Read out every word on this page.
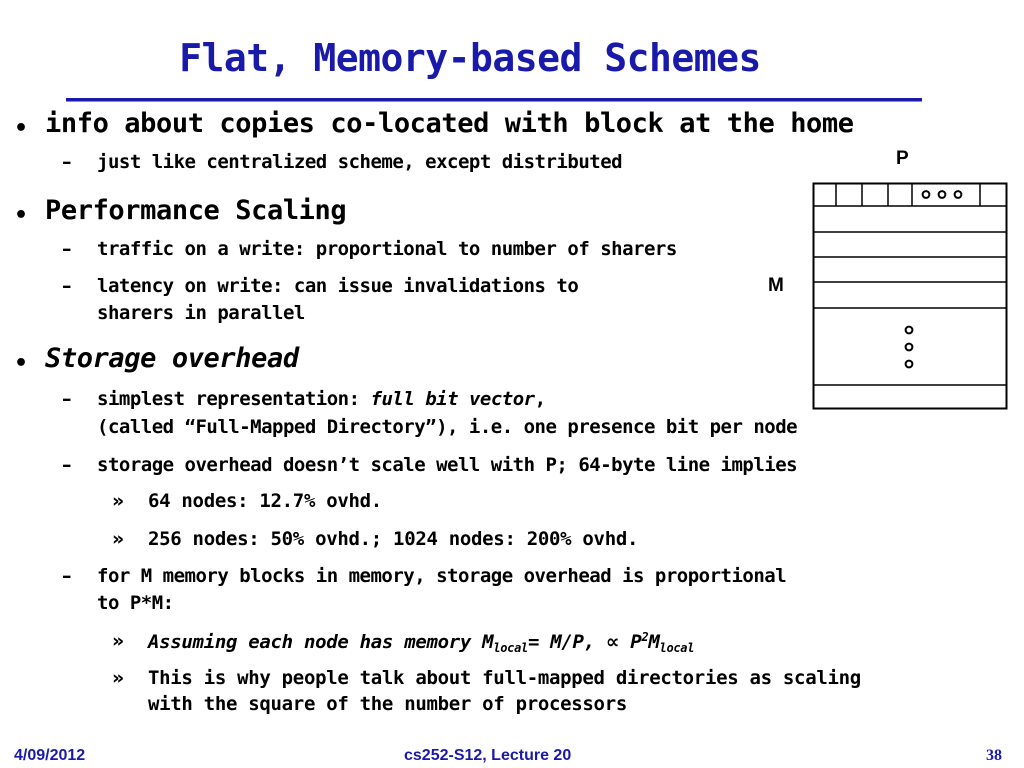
Flat, Memory-based Schemes
• info about copies co-located with block at the home
– just like centralized scheme, except distributed
• Performance Scaling
– traffic on a write: proportional to number of sharers
– latency on write: can issue invalidations to
sharers in parallel
• Storage overhead
– simplest representation: full bit vector,
(called “Full-Mapped Directory”), i.e. one presence bit per node
– storage overhead doesn’t scale well with P; 64-byte line implies
» 64 nodes: 12.7% ovhd.
» 256 nodes: 50% ovhd.; 1024 nodes: 200% ovhd.
– for M memory blocks in memory, storage overhead is proportional
to P*M:
» Assuming each node has memory $M_{local}= M/P$, ∝ $P^2M_{local}$
» This is why people talk about full-mapped directories as scaling
with the square of the number of processors
P
M
4/09/2012	cs252-S12, Lecture 20	38
